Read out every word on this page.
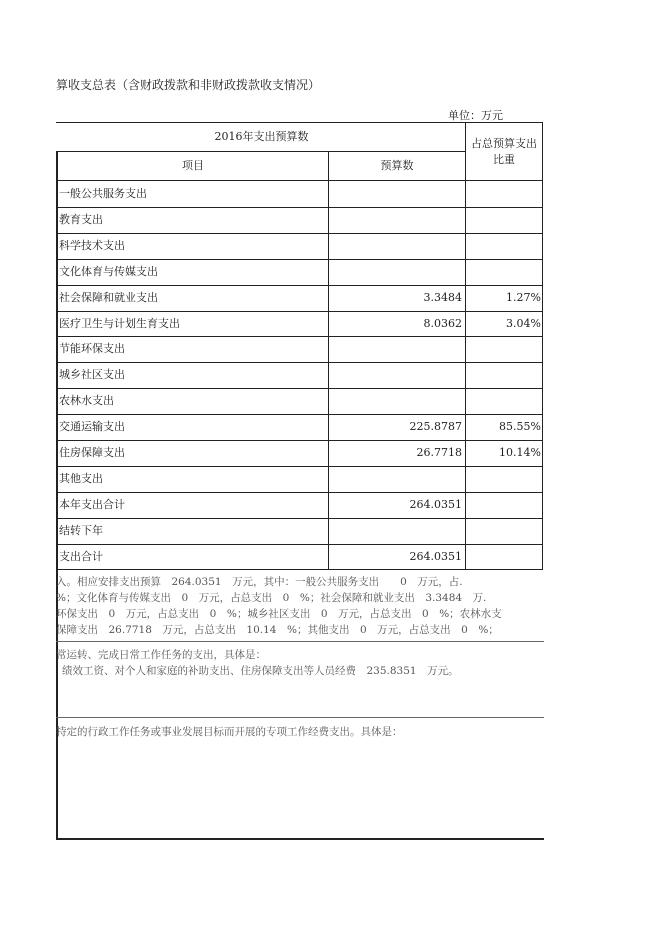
算收支总表（含财政拨款和非财政拨款收支情况）
单位：万元
2016年支出预算数
项目	预算数
占总预算支出比重
一般公共服务支出
教育支出
科学技术支出
文化体育与传媒支出
社会保障和就业支出	3.3484	1.27%
医疗卫生与计划生育支出	8.0362	3.04%
节能环保支出
城乡社区支出
农林水支出
交通运输支出	225.8787	85.55%
住房保障支出	26.7718	10.14%
其他支出
本年支出合计	264.0351
结转下年
支出合计	264.0351
入。相应安排支出预算　264.0351　万元，其中：一般公共服务支出　　0　万元，占.
%；文化体育与传媒支出　0　万元，占总支出　0　%；社会保障和就业支出　3.3484　万.
环保支出　0　万元，占总支出　0　%；城乡社区支出　0　万元，占总支出　0　%；农林水支
保障支出　26.7718　万元，占总支出　10.14　%；其他支出　0　万元，占总支出　0　%；
常运转、完成日常工作任务的支出，具体是：
绩效工资、对个人和家庭的补助支出、住房保障支出等人员经费　235.8351　万元。
特定的行政工作任务或事业发展目标而开展的专项工作经费支出。具体是：
